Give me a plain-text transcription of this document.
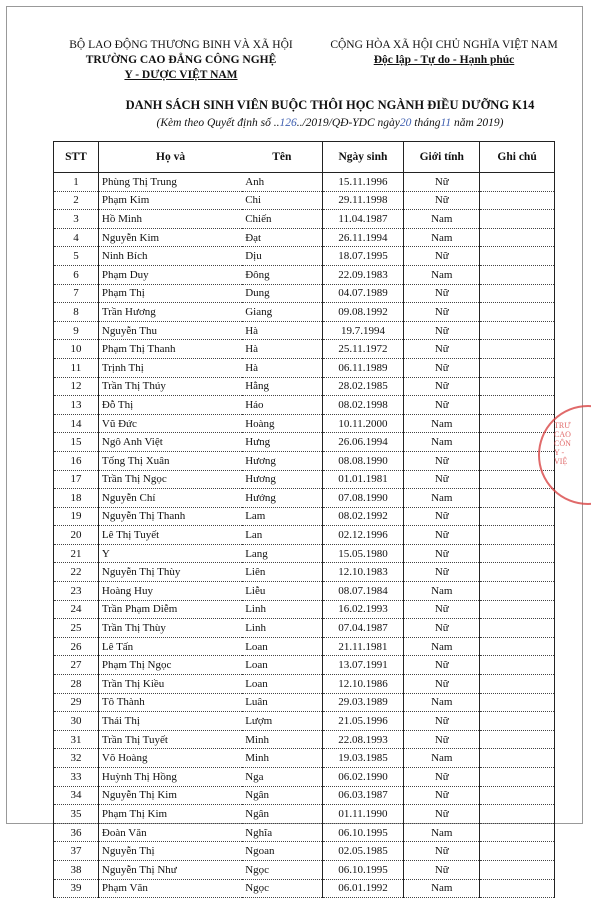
BỘ LAO ĐỘNG THƯƠNG BINH VÀ XÃ HỘI
TRƯỜNG CAO ĐẲNG CÔNG NGHỆ
Y - DƯỢC VIỆT NAM
CỘNG HÒA XÃ HỘI CHỦ NGHĨA VIỆT NAM
Độc lập - Tự do - Hạnh phúc
DANH SÁCH SINH VIÊN BUỘC THÔI HỌC NGÀNH ĐIỀU DƯỠNG K14
(Kèm theo Quyết định số ..126../2019/QĐ-YDC ngày20 tháng11 năm 2019)
STT	Họ và	Tên	Ngày sinh	Giới tính	Ghi chú
1	Phùng Thị Trung	Anh	15.11.1996	Nữ	
2	Phạm Kim	Chi	29.11.1998	Nữ	
3	Hồ Minh	Chiến	11.04.1987	Nam	
4	Nguyễn Kim	Đạt	26.11.1994	Nam	
5	Ninh Bích	Dịu	18.07.1995	Nữ	
6	Phạm Duy	Đông	22.09.1983	Nam	
7	Phạm Thị	Dung	04.07.1989	Nữ	
8	Trần Hương	Giang	09.08.1992	Nữ	
9	Nguyễn Thu	Hà	19.7.1994	Nữ	
10	Phạm Thị Thanh	Hà	25.11.1972	Nữ	
11	Trịnh Thị	Hà	06.11.1989	Nữ	
12	Trần Thị Thúy	Hằng	28.02.1985	Nữ	
13	Đỗ Thị	Hảo	08.02.1998	Nữ	
14	Vũ Đức	Hoàng	10.11.2000	Nam	
15	Ngô Anh Việt	Hưng	26.06.1994	Nam	
16	Tống Thị Xuân	Hương	08.08.1990	Nữ	
17	Trần Thị Ngọc	Hương	01.01.1981	Nữ	
18	Nguyễn Chí	Hướng	07.08.1990	Nam	
19	Nguyễn Thị Thanh	Lam	08.02.1992	Nữ	
20	Lê Thị Tuyết	Lan	02.12.1996	Nữ	
21	Y	Lang	15.05.1980	Nữ	
22	Nguyễn Thị Thùy	Liên	12.10.1983	Nữ	
23	Hoàng Huy	Liễu	08.07.1984	Nam	
24	Trần Phạm Diễm	Linh	16.02.1993	Nữ	
25	Trần Thị Thùy	Linh	07.04.1987	Nữ	
26	Lê Tấn	Loan	21.11.1981	Nam	
27	Phạm Thị Ngọc	Loan	13.07.1991	Nữ	
28	Trần Thị Kiều	Loan	12.10.1986	Nữ	
29	Tô Thành	Luân	29.03.1989	Nam	
30	Thái Thị	Lượm	21.05.1996	Nữ	
31	Trần Thị Tuyết	Minh	22.08.1993	Nữ	
32	Võ Hoàng	Minh	19.03.1985	Nam	
33	Huỳnh Thị Hồng	Nga	06.02.1990	Nữ	
34	Nguyễn Thị Kim	Ngân	06.03.1987	Nữ	
35	Phạm Thị Kim	Ngân	01.11.1990	Nữ	
36	Đoàn Văn	Nghĩa	06.10.1995	Nam	
37	Nguyễn Thị	Ngoan	02.05.1985	Nữ	
38	Nguyễn Thị Như	Ngọc	06.10.1995	Nữ	
39	Phạm Văn	Ngọc	06.01.1992	Nam	
TRƯ
CAO
CÔN
Y -
VIỆ
